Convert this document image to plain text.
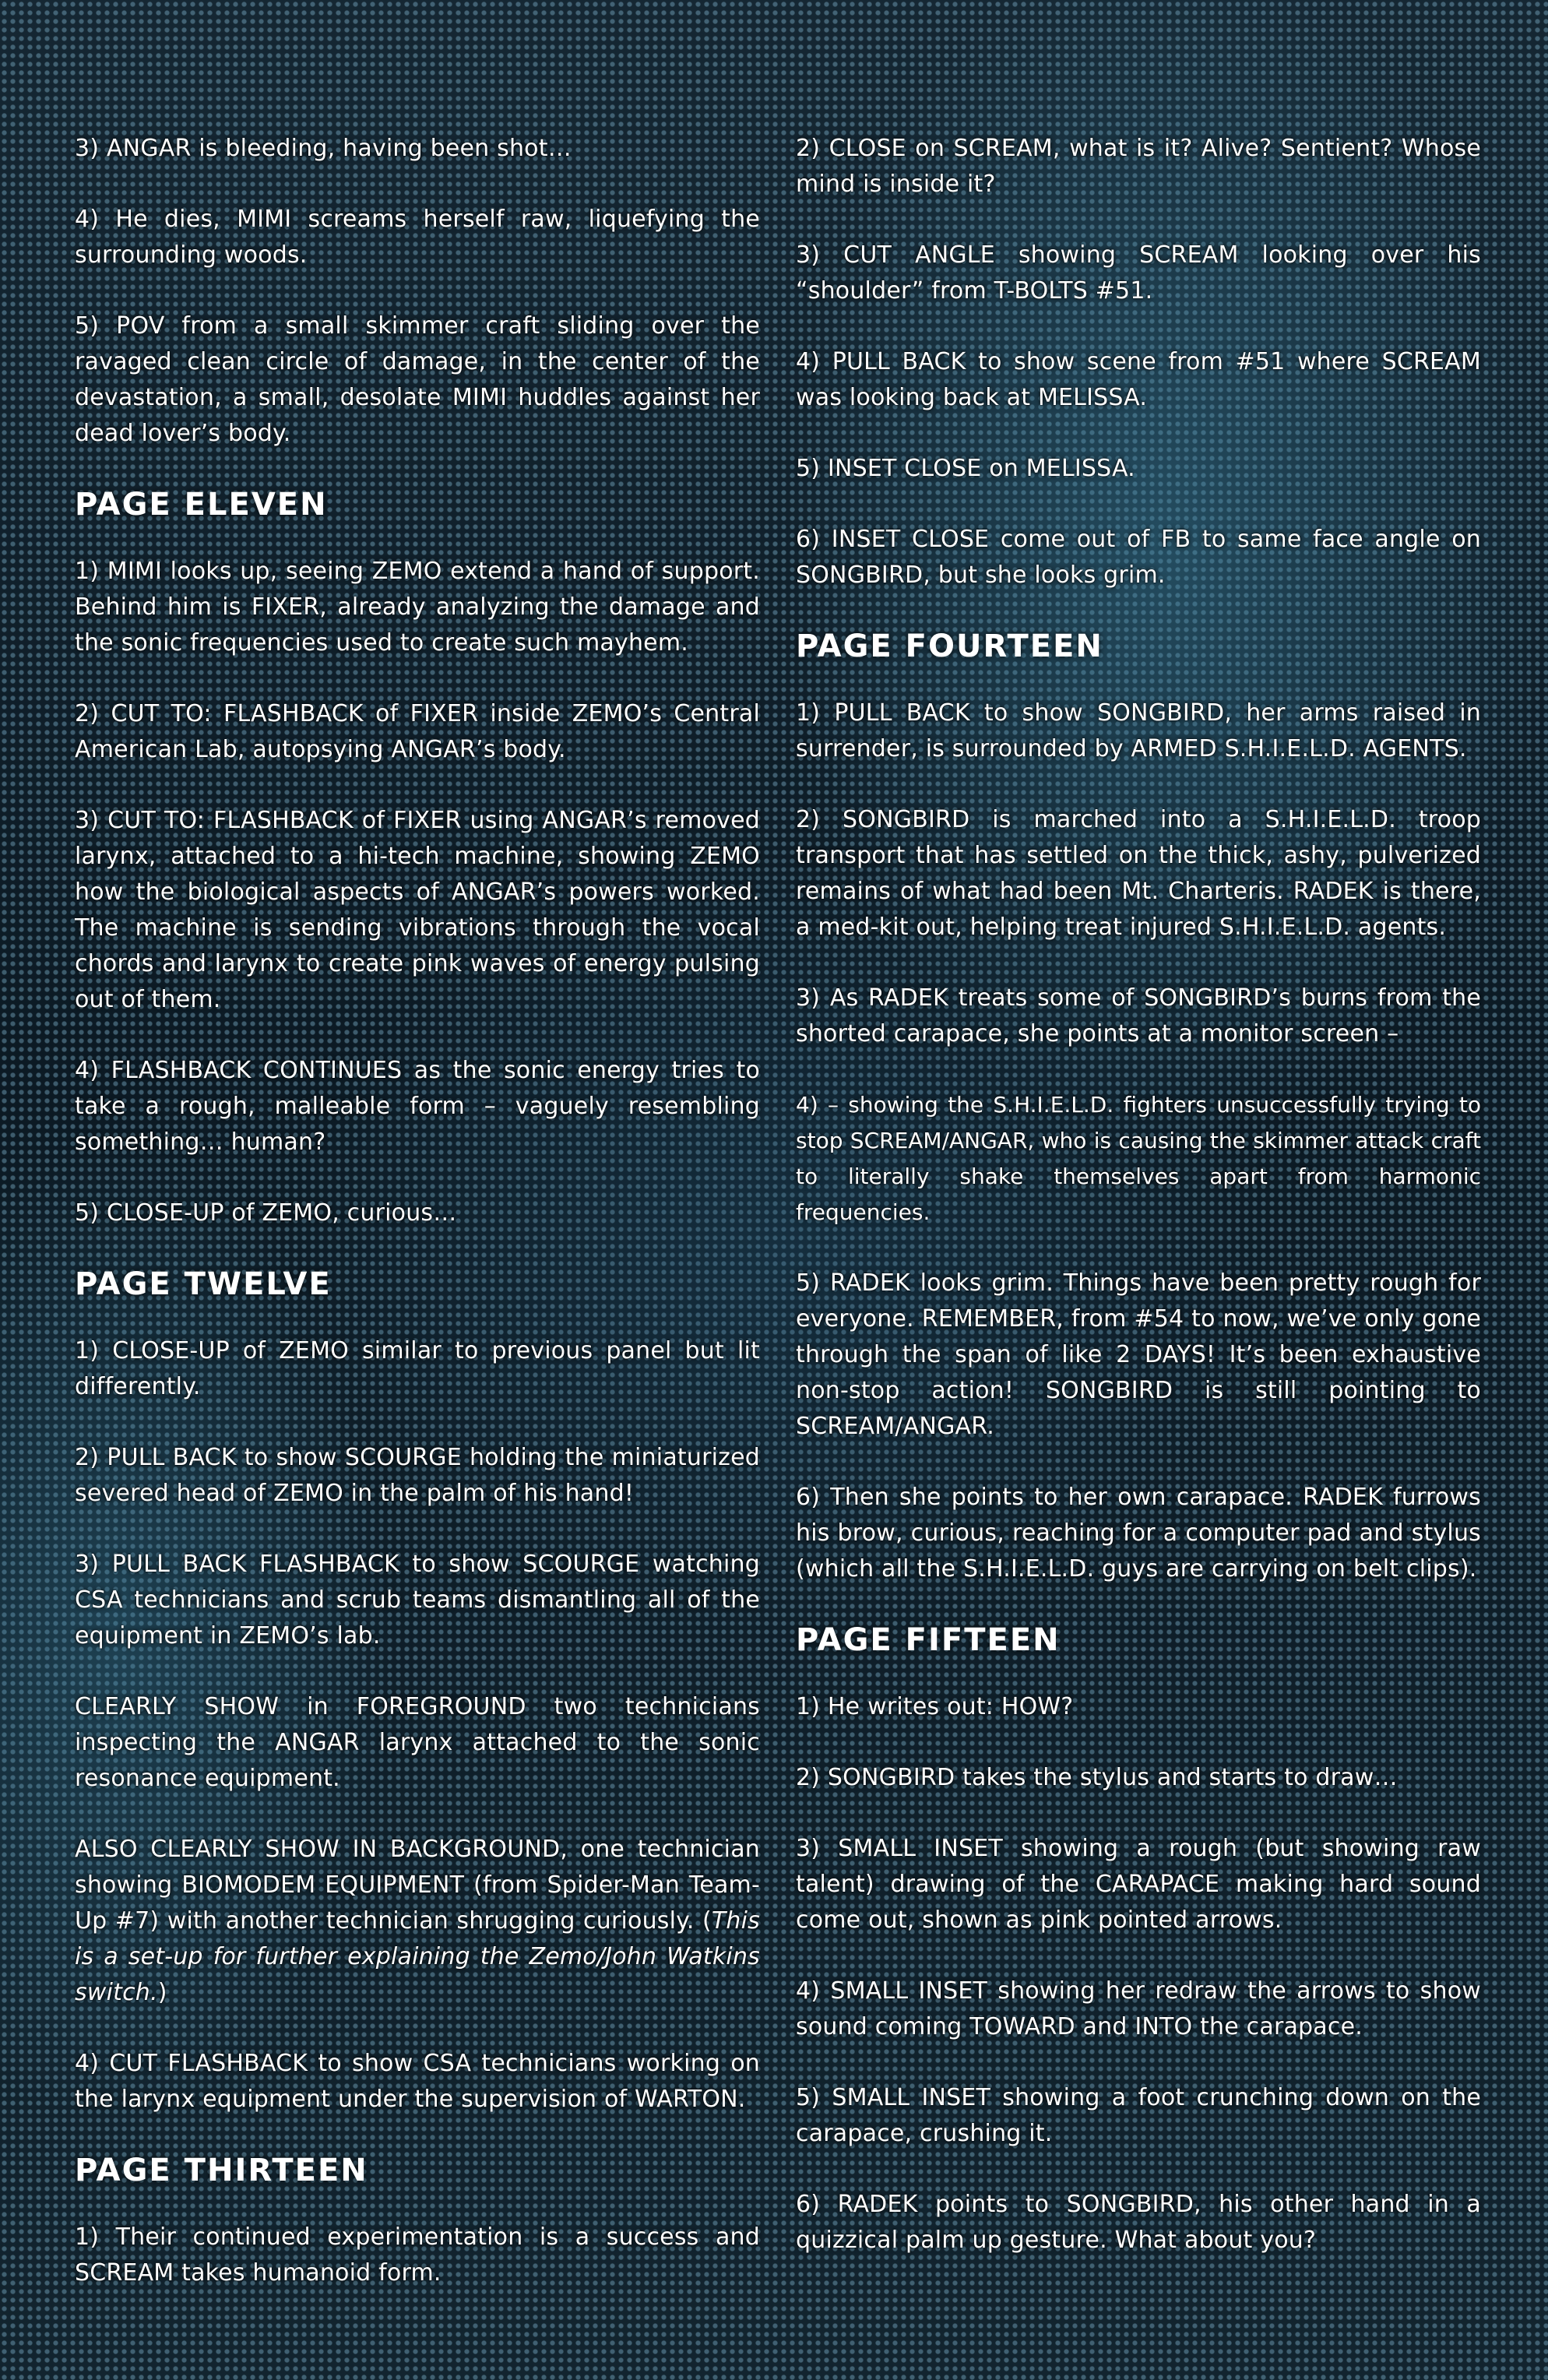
3) ANGAR is bleeding, having been shot…

4) He dies, MIMI screams herself raw, liquefying the surrounding woods.

5) POV from a small skimmer craft sliding over the ravaged clean circle of damage, in the center of the devastation, a small, desolate MIMI huddles against her dead lover’s body.

PAGE ELEVEN

1) MIMI looks up, seeing ZEMO extend a hand of support. Behind him is FIXER, already analyzing the damage and the sonic frequencies used to create such mayhem.

2) CUT TO: FLASHBACK of FIXER inside ZEMO’s Central American Lab, autopsying ANGAR’s body.

3) CUT TO: FLASHBACK of FIXER using ANGAR’s removed larynx, attached to a hi-tech machine, showing ZEMO how the biological aspects of ANGAR’s powers worked. The machine is sending vibrations through the vocal chords and larynx to create pink waves of energy pulsing out of them.

4) FLASHBACK CONTINUES as the sonic energy tries to take a rough, malleable form – vaguely resembling something… human?

5) CLOSE-UP of ZEMO, curious…

PAGE TWELVE

1) CLOSE-UP of ZEMO similar to previous panel but lit differently.

2) PULL BACK to show SCOURGE holding the miniaturized severed head of ZEMO in the palm of his hand!

3) PULL BACK FLASHBACK to show SCOURGE watching CSA technicians and scrub teams dismantling all of the equipment in ZEMO’s lab.

CLEARLY SHOW in FOREGROUND two technicians inspecting the ANGAR larynx attached to the sonic resonance equipment.

ALSO CLEARLY SHOW IN BACKGROUND, one technician showing BIOMODEM EQUIPMENT (from Spider-Man Team-Up #7) with another technician shrugging curiously. (This is a set-up for further explaining the Zemo/John Watkins switch.)

4) CUT FLASHBACK to show CSA technicians working on the larynx equipment under the supervision of WARTON.

PAGE THIRTEEN

1) Their continued experimentation is a success and SCREAM takes humanoid form.

2) CLOSE on SCREAM, what is it? Alive? Sentient? Whose mind is inside it?

3) CUT ANGLE showing SCREAM looking over his “shoulder” from T-BOLTS #51.

4) PULL BACK to show scene from #51 where SCREAM was looking back at MELISSA.

5) INSET CLOSE on MELISSA.

6) INSET CLOSE come out of FB to same face angle on SONGBIRD, but she looks grim.

PAGE FOURTEEN

1) PULL BACK to show SONGBIRD, her arms raised in surrender, is surrounded by ARMED S.H.I.E.L.D. AGENTS.

2) SONGBIRD is marched into a S.H.I.E.L.D. troop transport that has settled on the thick, ashy, pulverized remains of what had been Mt. Charteris. RADEK is there, a med-kit out, helping treat injured S.H.I.E.L.D. agents.

3) As RADEK treats some of SONGBIRD’s burns from the shorted carapace, she points at a monitor screen –

4) – showing the S.H.I.E.L.D. fighters unsuccessfully trying to stop SCREAM/ANGAR, who is causing the skimmer attack craft to literally shake themselves apart from harmonic frequencies.

5) RADEK looks grim. Things have been pretty rough for everyone. REMEMBER, from #54 to now, we’ve only gone through the span of like 2 DAYS! It’s been exhaustive non-stop action! SONGBIRD is still pointing to SCREAM/ANGAR.

6) Then she points to her own carapace. RADEK furrows his brow, curious, reaching for a computer pad and stylus (which all the S.H.I.E.L.D. guys are carrying on belt clips).

PAGE FIFTEEN

1) He writes out: HOW?

2) SONGBIRD takes the stylus and starts to draw…

3) SMALL INSET showing a rough (but showing raw talent) drawing of the CARAPACE making hard sound come out, shown as pink pointed arrows.

4) SMALL INSET showing her redraw the arrows to show sound coming TOWARD and INTO the carapace.

5) SMALL INSET showing a foot crunching down on the carapace, crushing it.

6) RADEK points to SONGBIRD, his other hand in a quizzical palm up gesture. What about you?
